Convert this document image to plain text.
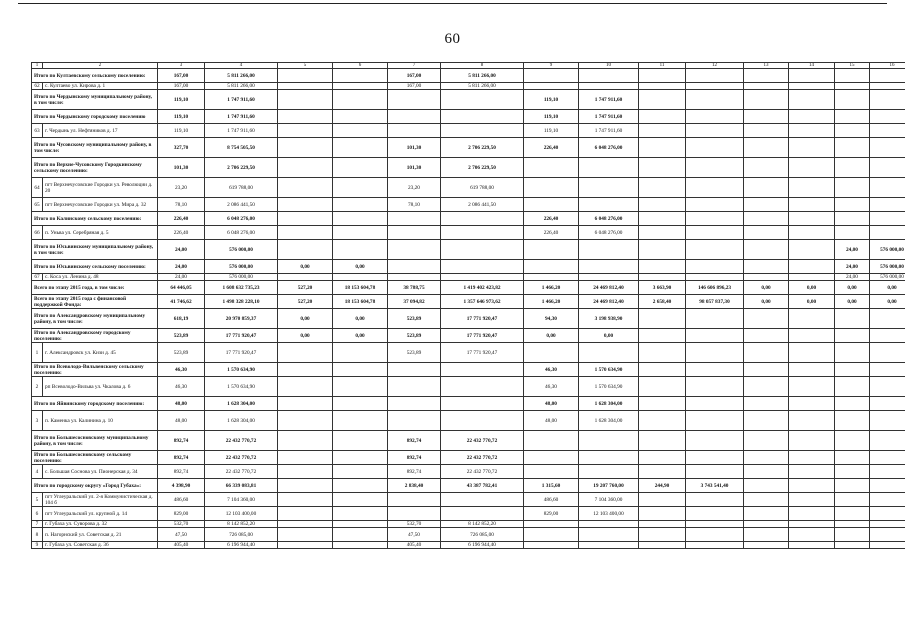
60
1	2	3	4	5	6	7	8	9	10	11	12	13	14	15	16
Итого по Култаевскому сельскому поселению:		167,00	5 811 266,00			167,00	5 811 266,00								
62	с. Култаево ул. Кирова д. 1	167,00	5 811 266,00			167,00	5 811 266,00								
Итого по Чердынскому муниципальному району, в том числе:		119,10	1 747 911,60					119,10	1 747 911,60						
Итого по Чердынскому городскому поселению		119,10	1 747 911,60					119,10	1 747 911,60						
63	г. Чердынь ул. Нефтяников д. 17	119,10	1 747 911,60					119,10	1 747 911,60						
Итого по Чусовскому муниципальному району, в том числе:		327,70	8 754 505,50			101,30	2 706 229,50	226,40	6 048 276,00						
Итого по Верхне-Чусовскому Городкинскому сельскому поселению:		101,30	2 706 229,50			101,30	2 706 229,50								
64	пгт Верхнечусовские Городки ул. Революции д. 20	23,20	619 788,00			23,20	619 788,00								
65	пгт Верхнечусовские Городки ул. Мира д. 32	78,10	2 086 441,50			78,10	2 086 441,50								
Итого по Калинскому сельскому поселению:		226,40	6 048 276,00					226,40	6 048 276,00						
66	п. Уньва ул. Серебряная д. 5	226,40	6 048 276,00					226,40	6 048 276,00						
Итого по Юсьвинскому муниципальному району, в том числе:		24,00	576 000,00											24,00	576 000,00
Итого по Юсьвинскому сельскому поселению:		24,00	576 000,00	0,00	0,00									24,00	576 000,00
67	с. Коса ул. Ленина д. 48	24,00	576 000,00											24,00	576 000,00
Всего по этапу 2015 года, в том числе:		64 446,05	1 608 632 735,23	527,20	18 153 604,78	38 788,75	1 419 402 423,82	1 466,20	24 469 812,40	3 663,90	146 606 896,23	0,00	0,00	0,00	0,00
Всего по этапу 2015 года с финансовой поддержкой Фонда:		41 746,62	1 498 328 228,10	527,20	18 153 604,78	37 094,82	1 357 646 973,62	1 466,20	24 469 812,40	2 658,40	98 057 837,30	0,00	0,00	0,00	0,00
Итого по Александровскому муниципальному району, в том числе:		618,19	20 970 859,37	0,00	0,00	523,89	17 771 920,47	94,30	3 198 938,90						
Итого по Александровскому городскому поселению:		523,89	17 771 920,47	0,00	0,00	523,89	17 771 920,47	0,00	0,00						
1	г. Александровск ул. Кизи д. 45	523,89	17 771 920,47			523,89	17 771 920,47								
Итого по Всеволодо-Вильвенскому сельскому поселению:		46,30	1 570 634,90					46,30	1 570 634,90						
2	рп Всеволодо-Вильва ул. Чкалова д. 6	46,30	1 570 634,90					46,30	1 570 634,90						
Итого по Яйвинскому городскому поселению:		48,00	1 628 304,00					48,00	1 628 304,00						
3	п. Каменка ул. Калинина д. 10	48,00	1 628 304,00					48,00	1 628 304,00						
Итого по Большесосновскому муниципальному району, в том числе:		892,74	22 432 770,72			892,74	22 432 770,72								
Итого по Большесосновскому сельскому поселению:		892,74	22 432 770,72			892,74	22 432 770,72								
4	с. Большая Соснова ул. Пионерская д. 34	892,74	22 432 770,72			892,74	22 432 770,72								
Итого по городскому округу «Город Губаха»:		4 398,90	66 339 083,81			2 838,40	43 387 782,41	1 315,60	19 207 760,00	244,90	3 743 541,40				
5	пгт Углеуральский ул. 2-я Коммунистическая д. 104 б	486,60	7 104 360,00					486,60	7 104 360,00						
6	пгт Углеуральский ул. крупной д. 14	829,00	12 103 400,00					829,00	12 103 400,00						
7	г. Губаха ул. Суворова д. 32	532,70	8 142 852,20			532,70	8 142 852,20								
8	п. Нагорнский ул. Советская д. 21	47,50	726 085,00			47,50	726 085,00								
9	г. Губаха ул. Советская д. 36	405,40	6 196 944,40			405,40	6 196 944,40								
